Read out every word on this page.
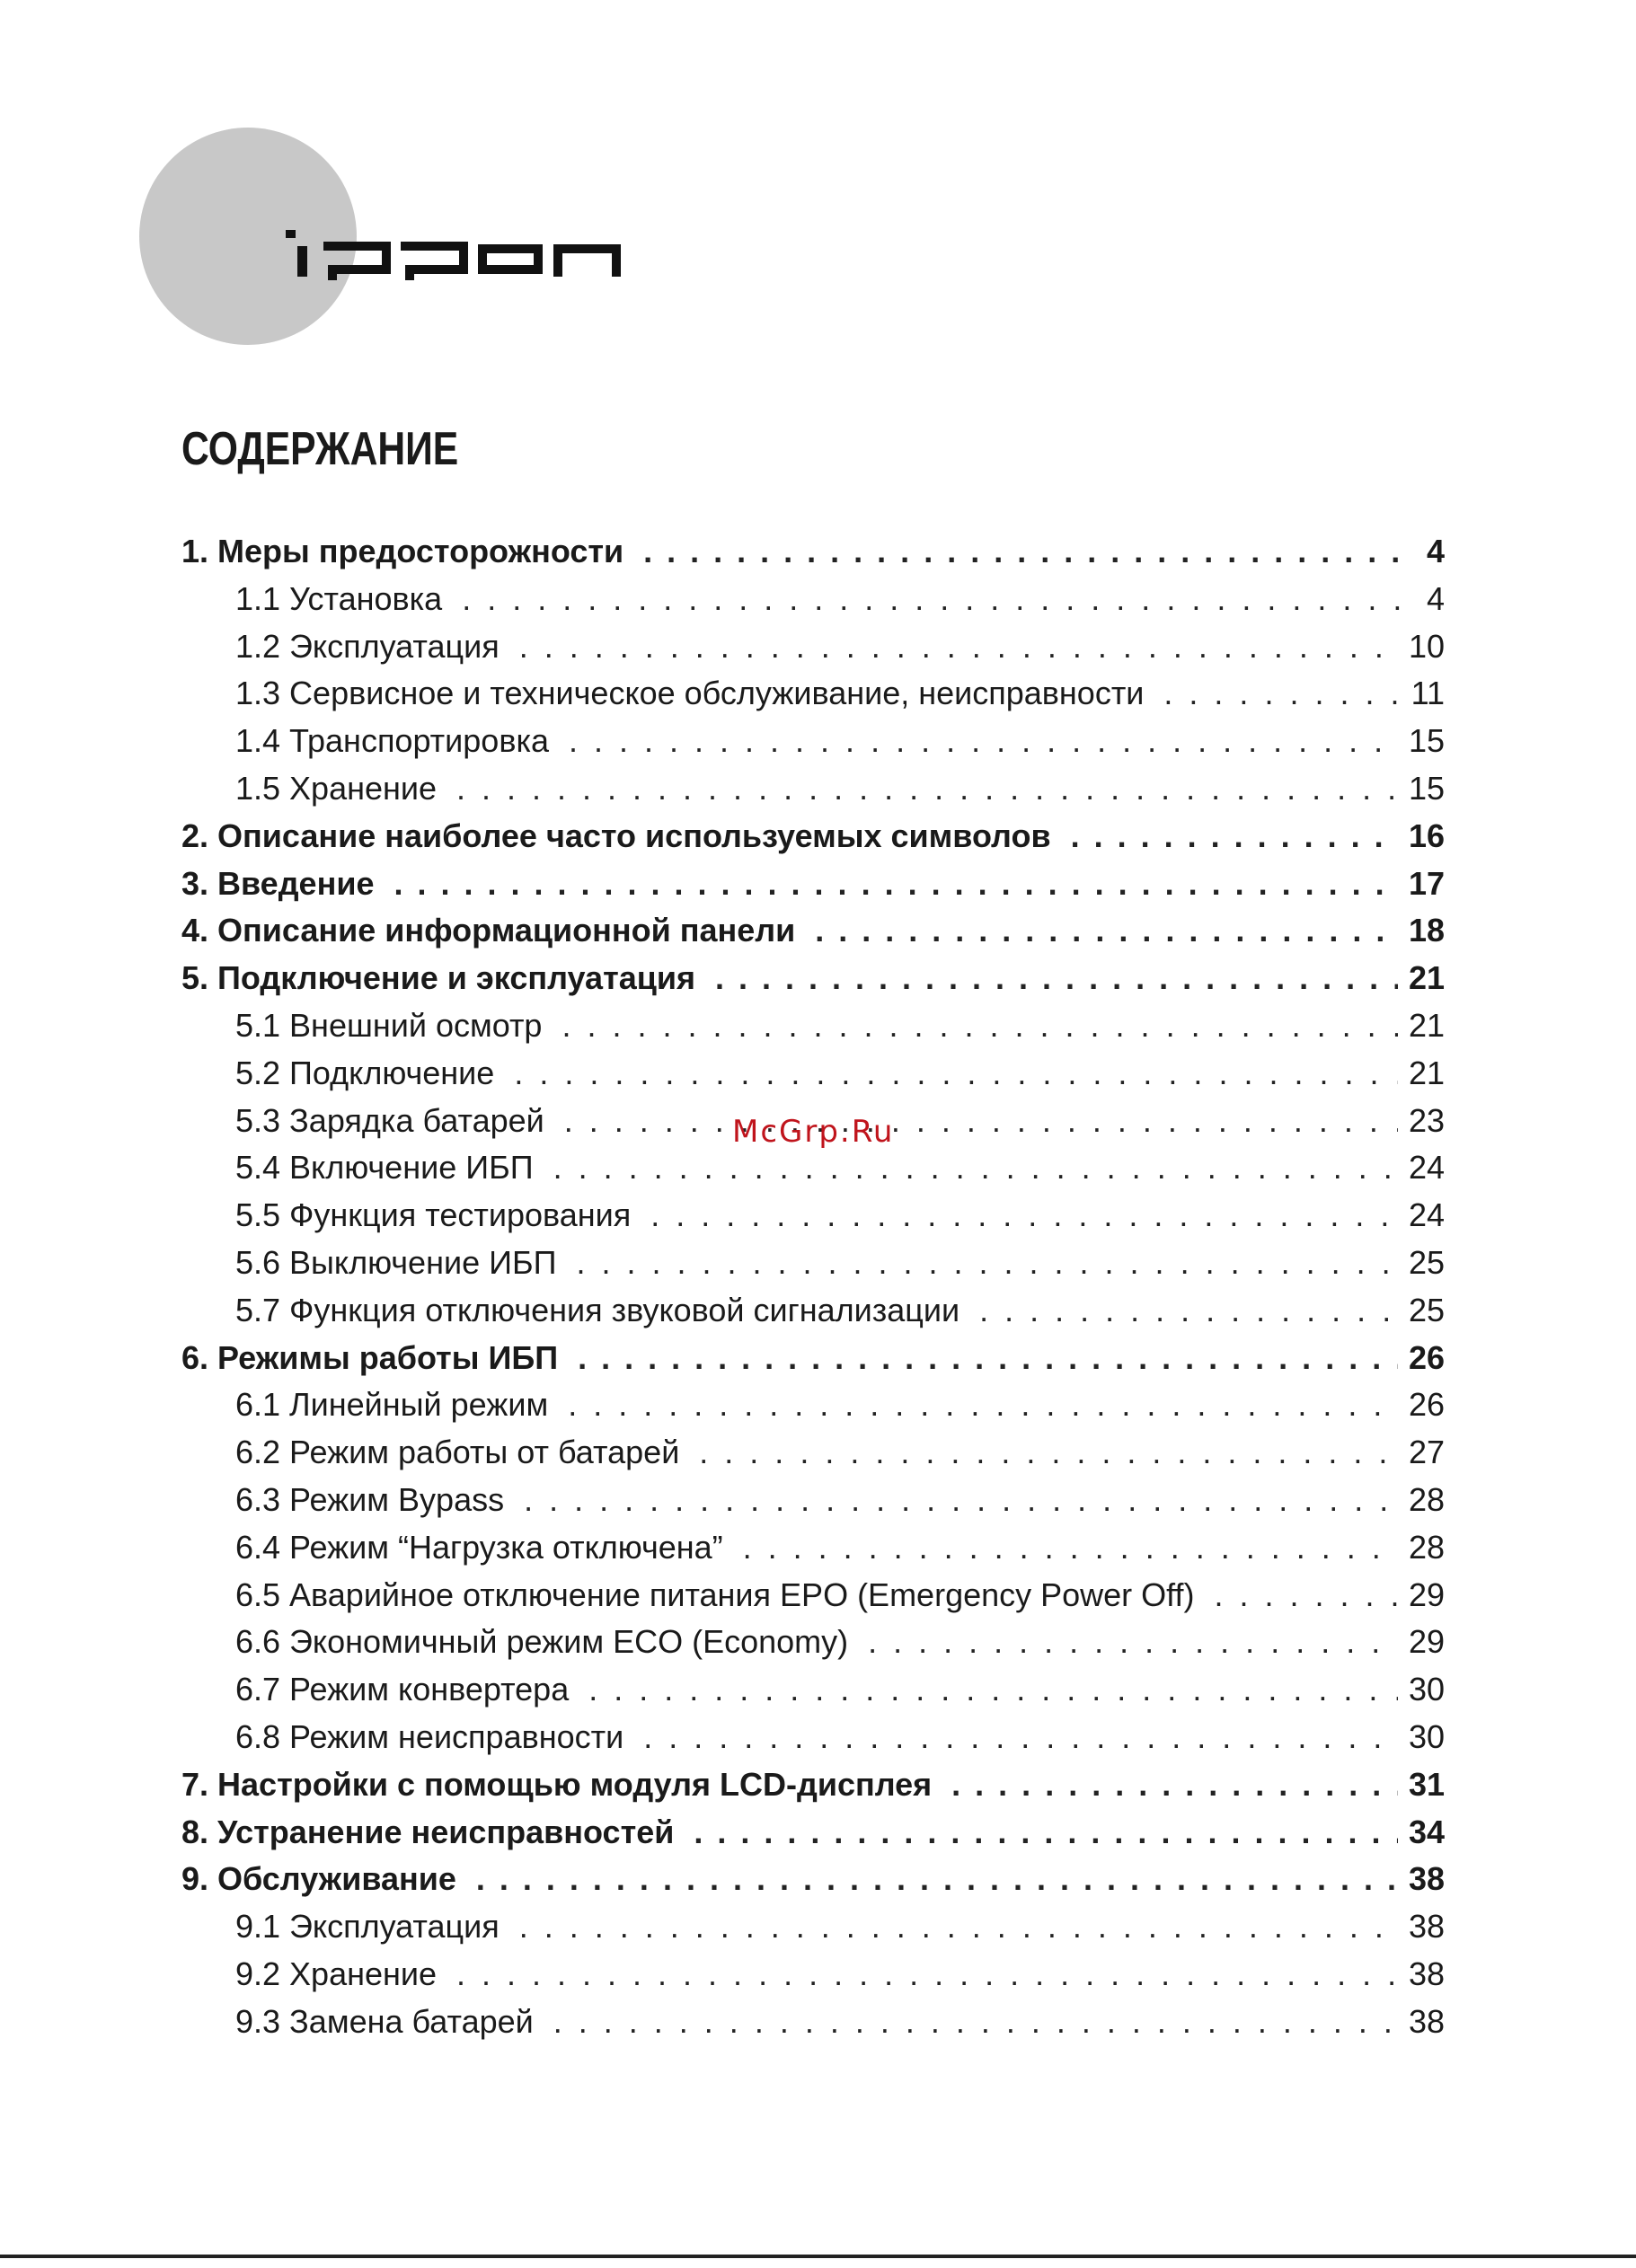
СОДЕРЖАНИЕ
1. Меры предосторожности . . .	4
1.1 Установка . . .	4
1.2 Эксплуатация . . .	10
1.3 Сервисное и техническое обслуживание, неисправности . . .	11
1.4 Транспортировка . . .	15
1.5 Хранение . . .	15
2. Описание наиболее часто используемых символов . . .	16
3. Введение . . .	17
4. Описание информационной панели . . .	18
5. Подключение и эксплуатация . . .	21
5.1 Внешний осмотр . . .	21
5.2 Подключение . . .	21
5.3 Зарядка батарей . . .	23
5.4 Включение ИБП . . .	24
5.5 Функция тестирования . . .	24
5.6 Выключение ИБП . . .	25
5.7 Функция отключения звуковой сигнализации . . .	25
6. Режимы работы ИБП . . .	26
6.1 Линейный режим . . .	26
6.2 Режим работы от батарей . . .	27
6.3 Режим Bypass . . .	28
6.4 Режим “Нагрузка отключена” . . .	28
6.5 Аварийное отключение питания EPO (Emergency Power Off) . . .	29
6.6 Экономичный режим ECO (Economy) . . .	29
6.7 Режим конвертера . . .	30
6.8 Режим неисправности . . .	30
7. Настройки с помощью модуля LCD-дисплея . . .	31
8. Устранение неисправностей . . .	34
9. Обслуживание . . .	38
9.1 Эксплуатация . . .	38
9.2 Хранение . . .	38
9.3 Замена батарей . . .	38
McGrp.Ru
